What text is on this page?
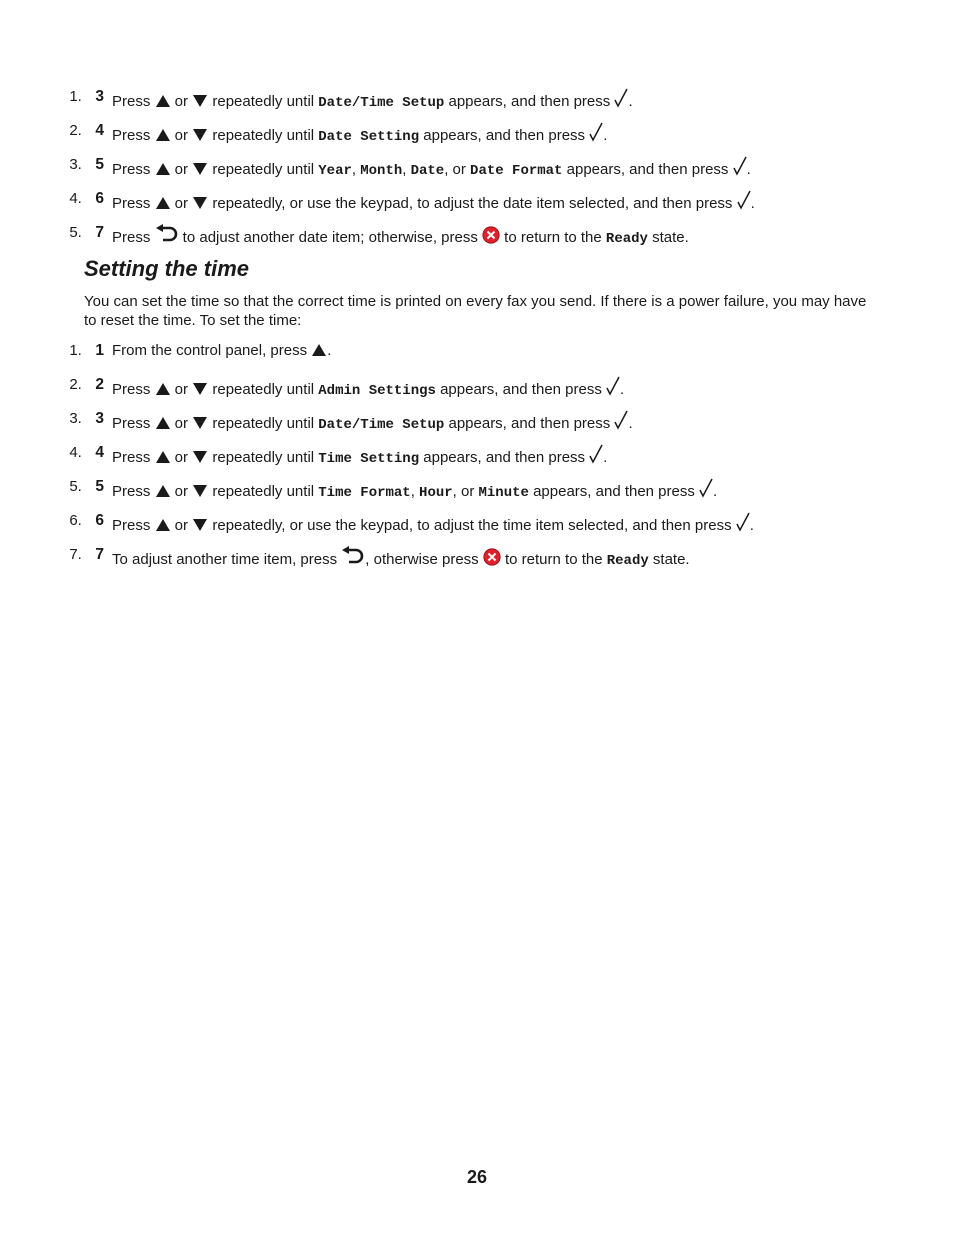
1. 3 Press
or
repeatedly until Date/Time Setup appears, and then press
.
2. 4 Press
or
repeatedly until Date Setting appears, and then press
.
3. 5 Press
or
repeatedly until Year, Month, Date, or Date Format appears, and then press
.
4. 6 Press
or
repeatedly, or use the keypad, to adjust the date item selected, and then press
.
5. 7 Press
to adjust another date item; otherwise, press
to return to the Ready state.
Setting the time

You can set the time so that the correct time is printed on every fax you send. If there is a power failure, you may have to reset the time. To set the time:

1. 1 From the control panel, press
.
2. 2 Press
or
repeatedly until Admin Settings appears, and then press
.
3. 3 Press
or
repeatedly until Date/Time Setup appears, and then press
.
4. 4 Press
or
repeatedly until Time Setting appears, and then press
.
5. 5 Press
or
repeatedly until Time Format, Hour, or Minute appears, and then press
.
6. 6 Press
or
repeatedly, or use the keypad, to adjust the time item selected, and then press
.
7. 7 To adjust another time item, press
, otherwise press
to return to the Ready state.
26
